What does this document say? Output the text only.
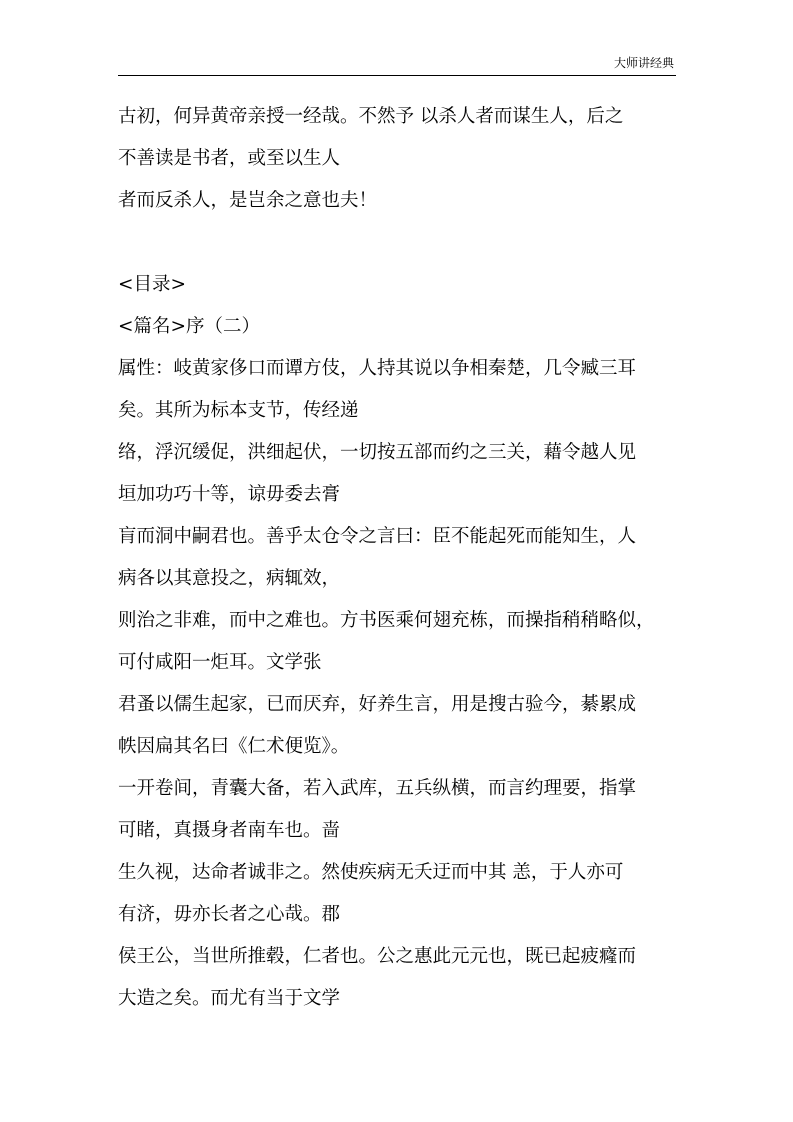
大师讲经典
古初，何异黄帝亲授一经哉。不然予 以杀人者而谋生人，后之
不善读是书者，或至以生人
者而反杀人，是岂余之意也夫！
<目录>
<篇名>序（二）
属性：岐黄家侈口而谭方伎，人持其说以争相秦楚，几令臧三耳
矣。其所为标本支节，传经递
络，浮沉缓促，洪细起伏，一切按五部而约之三关，藉令越人见
垣加功巧十等，谅毋委去膏
肓而洞中嗣君也。善乎太仓令之言曰：臣不能起死而能知生，人
病各以其意投之，病辄效，
则治之非难，而中之难也。方书医乘何翅充栋，而操指稍稍略似，
可付咸阳一炬耳。文学张
君蚤以儒生起家，已而厌弃，好养生言，用是搜古验今，綦累成
帙因扁其名曰《仁术便览》。
一开卷间，青囊大备，若入武库，五兵纵横，而言约理要，指掌
可睹，真摄身者南车也。啬
生久视，达命者诚非之。然使疾病无夭迂而中其 恙，于人亦可
有济，毋亦长者之心哉。郡
侯王公，当世所推毂，仁者也。公之惠此元元也，既已起疲癃而
大造之矣。而尤有当于文学
